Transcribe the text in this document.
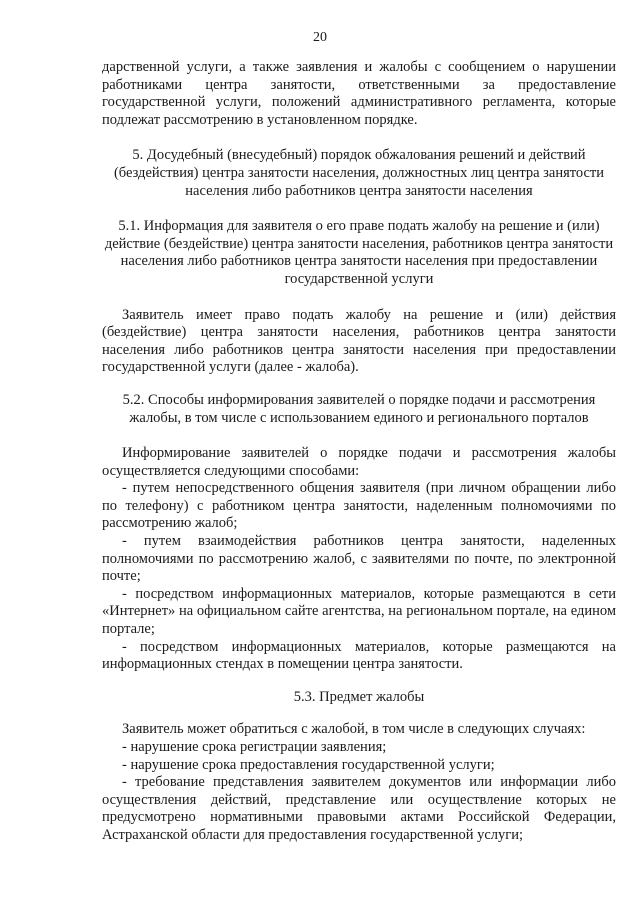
20

дарственной услуги, а также заявления и жалобы с сообщением о нарушении работниками центра занятости, ответственными за предоставление государственной услуги, положений административного регламента, которые подлежат рассмотрению в установленном порядке.

5. Досудебный (внесудебный) порядок обжалования решений и действий (бездействия) центра занятости населения, должностных лиц центра занятости населения либо работников центра занятости населения

5.1. Информация для заявителя о его праве подать жалобу на решение и (или) действие (бездействие) центра занятости населения, работников центра занятости населения либо работников центра занятости населения при предоставлении государственной услуги

Заявитель имеет право подать жалобу на решение и (или) действия (бездействие) центра занятости населения, работников центра занятости населения либо работников центра занятости населения при предоставлении государственной услуги (далее - жалоба).

5.2. Способы информирования заявителей о порядке подачи и рассмотрения жалобы, в том числе с использованием единого и регионального порталов

Информирование заявителей о порядке подачи и рассмотрения жалобы осуществляется следующими способами:

- путем непосредственного общения заявителя (при личном обращении либо по телефону) с работником центра занятости, наделенным полномочиями по рассмотрению жалоб;

- путем взаимодействия работников центра занятости, наделенных полномочиями по рассмотрению жалоб, с заявителями по почте, по электронной почте;

- посредством информационных материалов, которые размещаются в сети «Интернет» на официальном сайте агентства, на региональном портале, на едином портале;

- посредством информационных материалов, которые размещаются на информационных стендах в помещении центра занятости.

5.3. Предмет жалобы

Заявитель может обратиться с жалобой, в том числе в следующих случаях:

- нарушение срока регистрации заявления;

- нарушение срока предоставления государственной услуги;

- требование представления заявителем документов или информации либо осуществления действий, представление или осуществление которых не предусмотрено нормативными правовыми актами Российской Федерации, Астраханской области для предоставления государственной услуги;
